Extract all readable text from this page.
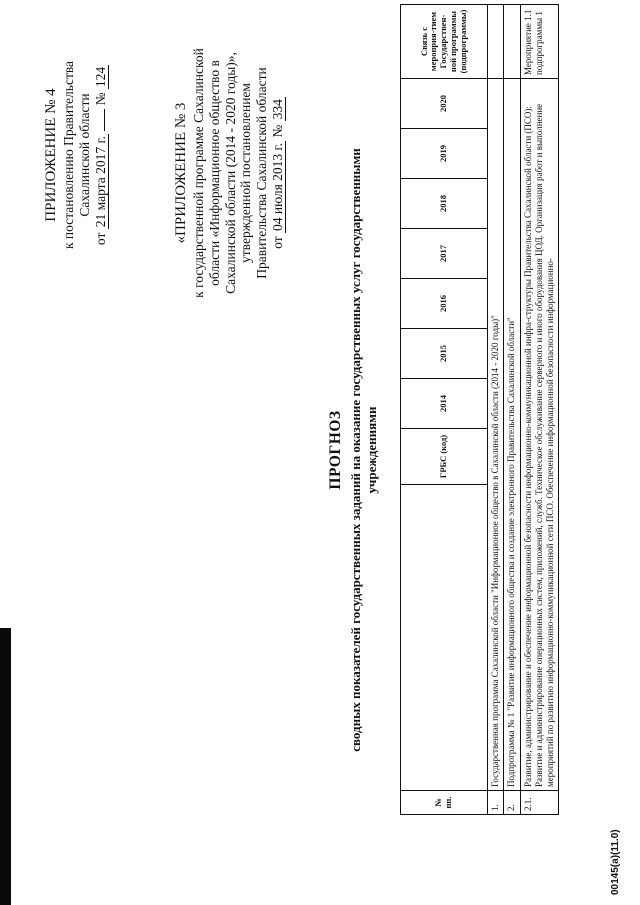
ПРИЛОЖЕНИЕ № 4 к постановлению Правительства Сахалинской области
от 21 марта 2017 г.  № 124
«ПРИЛОЖЕНИЕ № 3 к государственной программе Сахалинской области «Информационное общество в Сахалинской области (2014 - 2020 годы)», утвержденной постановлением Правительства Сахалинской области от 04 июля 2013 г. № 334
ПРОГНОЗ сводных показателей государственных заданий на оказание государственных услуг государственными учреждениями
№ пп.		ГРБС (код)	2014	2015	2016	2017	2018	2019	2020	Связь с мероприя-тием Государствен-ной программы (подпрограммы)
1.	Государственная программа Сахалинской области "Информационное общество в Сахалинской области (2014 - 2020 годы)"									
2.	Подпрограмма № 1 "Развитие информационного общества и создание электронного Правительства Сахалинской области"									
2.1.	Развитие, администрирование и обеспечение информационной безопасности информационно-коммуникационной инфра-структуры Правительства Сахалинской области (ПСО): Развитие и администрирование операционных систем, приложений, служб. Техническое обслуживание серверного и иного оборудования ЦОД. Организация работ и выполнение мероприятий по развитию информационно-коммуникационной сети ПСО. Обеспечение информационной безопасности информационно-									Мероприятие 1.1 подпрограммы 1
00145(a)(11.0)
